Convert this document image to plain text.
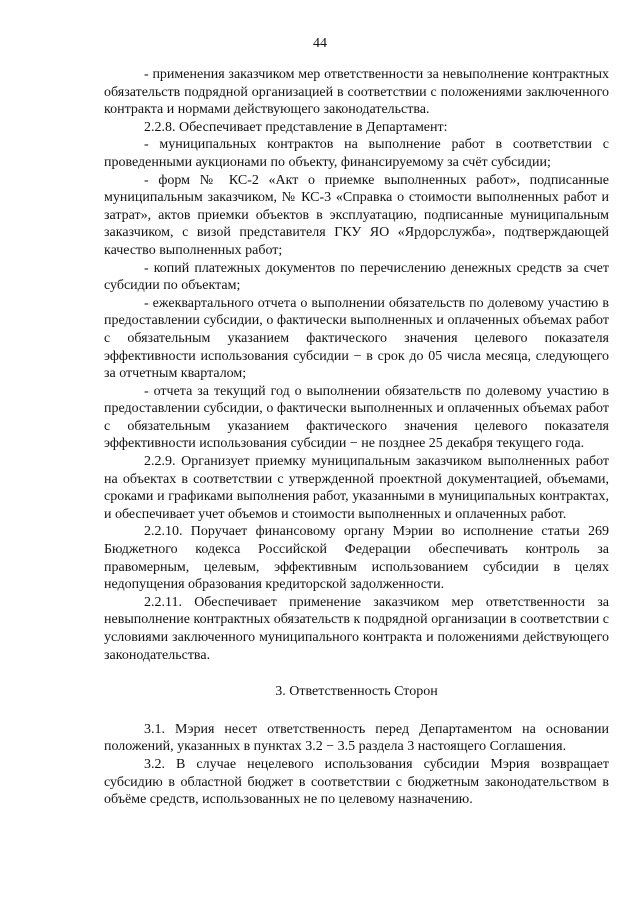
44

- применения заказчиком мер ответственности за невыполнение контрактных обязательств подрядной организацией в соответствии с положениями заключенного контракта и нормами действующего законодательства.

2.2.8. Обеспечивает представление в Департамент:

- муниципальных контрактов на выполнение работ в соответствии с проведенными аукционами по объекту, финансируемому за счёт субсидии;

- форм № КС-2 «Акт о приемке выполненных работ», подписанные муниципальным заказчиком, № КС-3 «Справка о стоимости выполненных работ и затрат», актов приемки объектов в эксплуатацию, подписанные муниципальным заказчиком, с визой представителя ГКУ ЯО «Ярдорслужба», подтверждающей качество выполненных работ;

- копий платежных документов по перечислению денежных средств за счет субсидии по объектам;

- ежеквартального отчета о выполнении обязательств по долевому участию в предоставлении субсидии, о фактически выполненных и оплаченных объемах работ с обязательным указанием фактического значения целевого показателя эффективности использования субсидии − в срок до 05 числа месяца, следующего за отчетным кварталом;

- отчета за текущий год о выполнении обязательств по долевому участию в предоставлении субсидии, о фактически выполненных и оплаченных объемах работ с обязательным указанием фактического значения целевого показателя эффективности использования субсидии − не позднее 25 декабря текущего года.

2.2.9. Организует приемку муниципальным заказчиком выполненных работ на объектах в соответствии с утвержденной проектной документацией, объемами, сроками и графиками выполнения работ, указанными в муниципальных контрактах, и обеспечивает учет объемов и стоимости выполненных и оплаченных работ.

2.2.10. Поручает финансовому органу Мэрии во исполнение статьи 269 Бюджетного кодекса Российской Федерации обеспечивать контроль за правомерным, целевым, эффективным использованием субсидии в целях недопущения образования кредиторской задолженности.

2.2.11. Обеспечивает применение заказчиком мер ответственности за невыполнение контрактных обязательств к подрядной организации в соответствии с условиями заключенного муниципального контракта и положениями действующего законодательства.

3. Ответственность Сторон

3.1. Мэрия несет ответственность перед Департаментом на основании положений, указанных в пунктах 3.2 − 3.5 раздела 3 настоящего Соглашения.

3.2. В случае нецелевого использования субсидии Мэрия возвращает субсидию в областной бюджет в соответствии с бюджетным законодательством в объёме средств, использованных не по целевому назначению.
